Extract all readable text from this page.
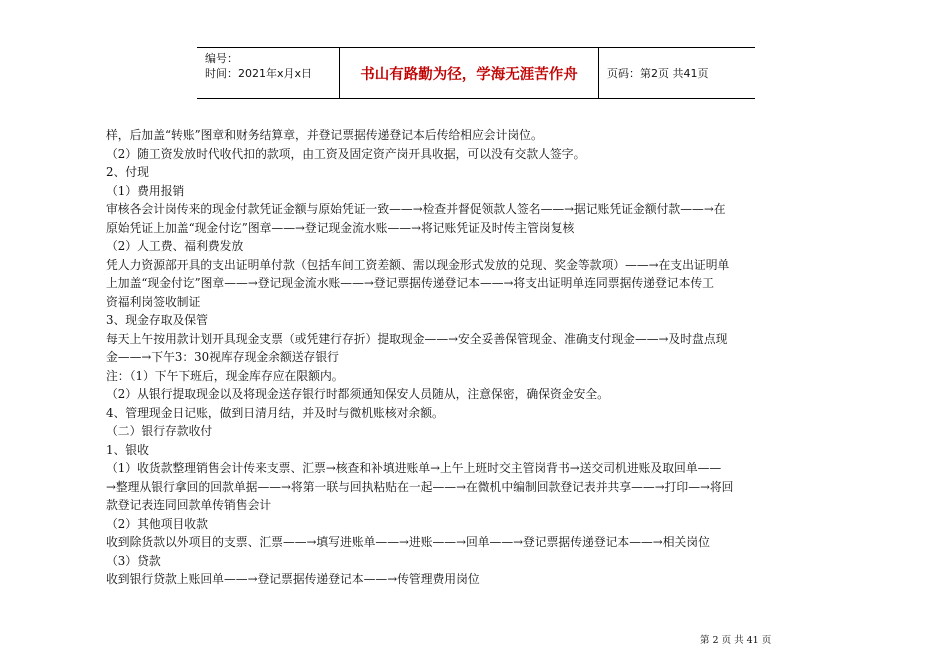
编号：
时间：2021年x月x日	书山有路勤为径，学海无涯苦作舟	页码：第2页 共41页

样，后加盖“转账”图章和财务结算章，并登记票据传递登记本后传给相应会计岗位。

（2）随工资发放时代收代扣的款项，由工资及固定资产岗开具收据，可以没有交款人签字。

2、付现

（1）费用报销

审核各会计岗传来的现金付款凭证金额与原始凭证一致——→检查并督促领款人签名——→据记账凭证金额付款——→在

原始凭证上加盖“现金付讫”图章——→登记现金流水账——→将记账凭证及时传主管岗复核

（2）人工费、福利费发放

凭人力资源部开具的支出证明单付款（包括车间工资差额、需以现金形式发放的兑现、奖金等款项）——→在支出证明单

上加盖“现金付讫”图章——→登记现金流水账——→登记票据传递登记本——→将支出证明单连同票据传递登记本传工

资福利岗签收制证

3、现金存取及保管

每天上午按用款计划开具现金支票（或凭建行存折）提取现金——→安全妥善保管现金、准确支付现金——→及时盘点现

金——→下午3：30视库存现金余额送存银行

注：（1）下午下班后，现金库存应在限额内。

（2）从银行提取现金以及将现金送存银行时都须通知保安人员随从，注意保密，确保资金安全。

4、管理现金日记账，做到日清月结，并及时与微机账核对余额。

（二）银行存款收付

1、银收

（1）收货款整理销售会计传来支票、汇票→核查和补填进账单→上午上班时交主管岗背书→送交司机进账及取回单——

→整理从银行拿回的回款单据——→将第一联与回执粘贴在一起——→在微机中编制回款登记表并共享——→打印—→将回

款登记表连同回款单传销售会计

（2）其他项目收款

收到除货款以外项目的支票、汇票——→填写进账单——→进账——→回单——→登记票据传递登记本——→相关岗位

（3）贷款

收到银行贷款上账回单——→登记票据传递登记本——→传管理费用岗位

第 2 页 共 41 页
